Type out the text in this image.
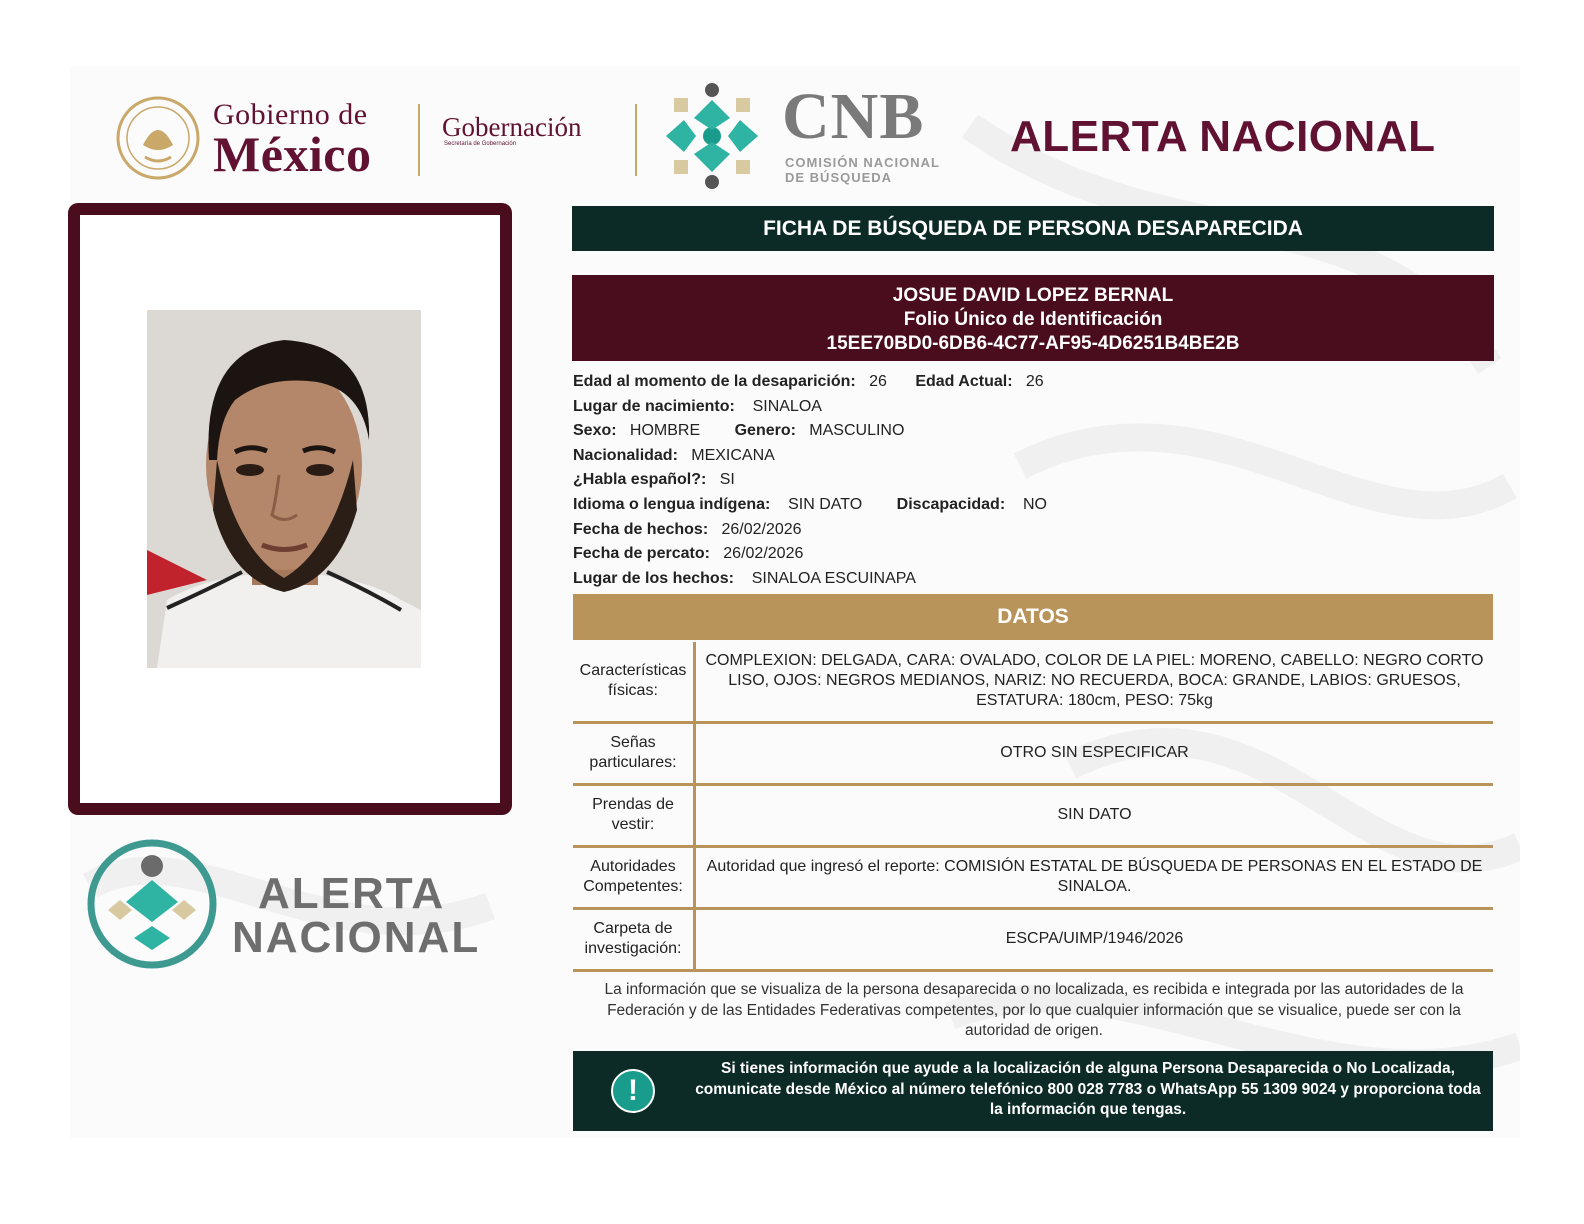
Gobierno de
México	Gobernación
Secretaría de Gobernación	CNB
COMISIÓN NACIONAL
DE BÚSQUEDA
ALERTA NACIONAL
ALERTA
NACIONAL
FICHA DE BÚSQUEDA DE PERSONA DESAPARECIDA
JOSUE DAVID LOPEZ BERNAL
Folio Único de Identificación
15EE70BD0-6DB6-4C77-AF95-4D6251B4BE2B
Edad al momento de la desaparición: 26 Edad Actual: 26
Lugar de nacimiento: SINALOA
Sexo: HOMBRE Genero: MASCULINO
Nacionalidad: MEXICANA
¿Habla español?: SI
Idioma o lengua indígena: SIN DATO Discapacidad: NO
Fecha de hechos: 26/02/2026
Fecha de percato: 26/02/2026
Lugar de los hechos: SINALOA ESCUINAPA
DATOS
Características físicas:	COMPLEXION: DELGADA, CARA: OVALADO, COLOR DE LA PIEL: MORENO, CABELLO: NEGRO CORTO LISO, OJOS: NEGROS MEDIANOS, NARIZ: NO RECUERDA, BOCA: GRANDE, LABIOS: GRUESOS, ESTATURA: 180cm, PESO: 75kg
Señas particulares:	OTRO SIN ESPECIFICAR
Prendas de vestir:	SIN DATO
Autoridades Competentes:	Autoridad que ingresó el reporte: COMISIÓN ESTATAL DE BÚSQUEDA DE PERSONAS EN EL ESTADO DE SINALOA.
Carpeta de investigación:	ESCPA/UIMP/1946/2026
La información que se visualiza de la persona desaparecida o no localizada, es recibida e integrada por las autoridades de la Federación y de las Entidades Federativas competentes, por lo que cualquier información que se visualice, puede ser con la autoridad de origen.
!
Si tienes información que ayude a la localización de alguna Persona Desaparecida o No Localizada, comunicate desde México al número telefónico 800 028 7783 o WhatsApp 55 1309 9024 y proporciona toda la información que tengas.
